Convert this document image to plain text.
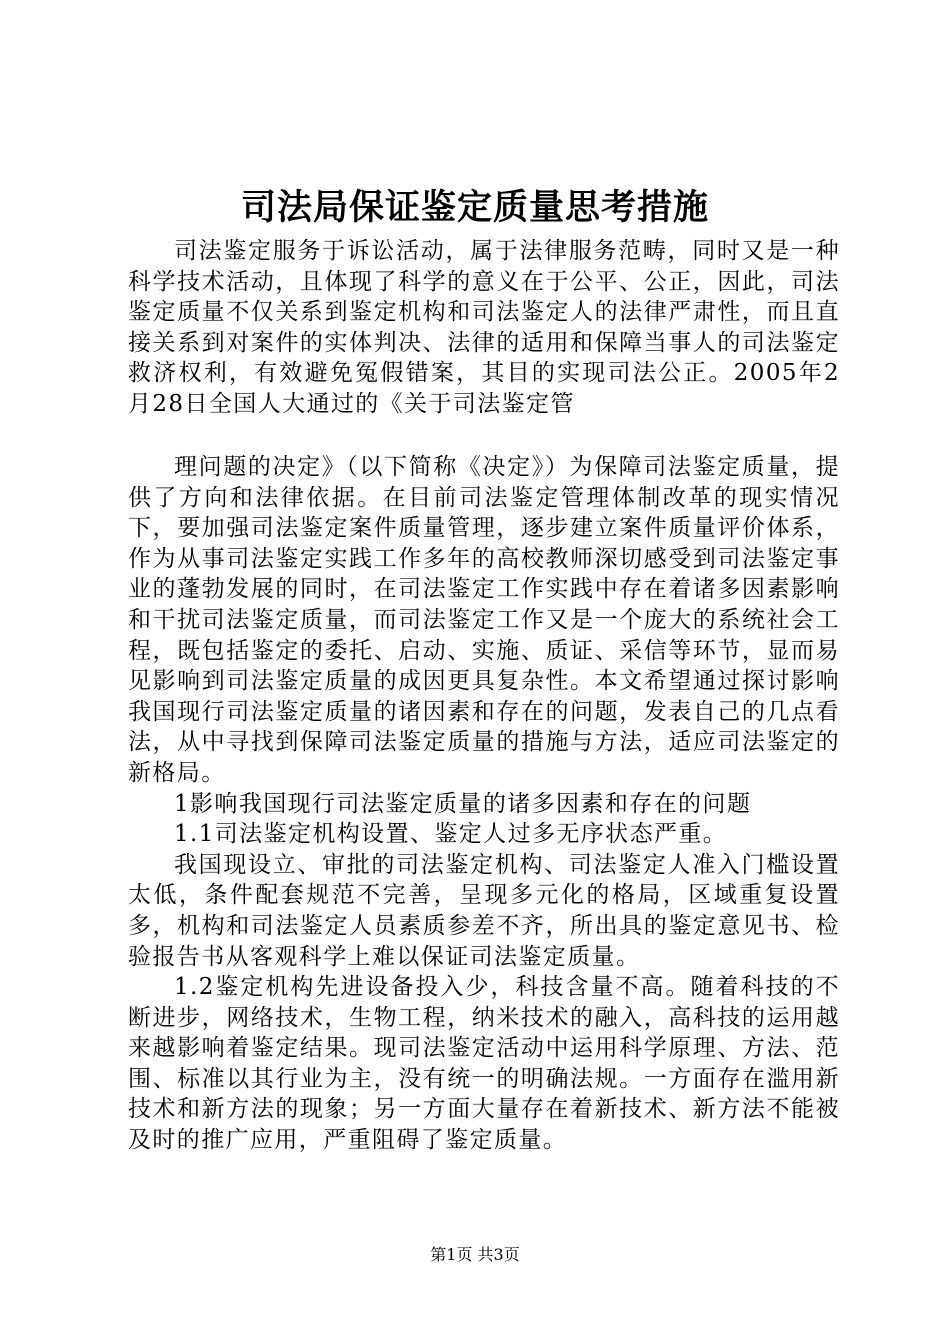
司法局保证鉴定质量思考措施

司法鉴定服务于诉讼活动，属于法律服务范畴，同时又是一种科学技术活动，且体现了科学的意义在于公平、公正，因此，司法鉴定质量不仅关系到鉴定机构和司法鉴定人的法律严肃性，而且直接关系到对案件的实体判决、法律的适用和保障当事人的司法鉴定救济权利，有效避免冤假错案，其目的实现司法公正。2005年2月28日全国人大通过的《关于司法鉴定管

理问题的决定》（以下简称《决定》）为保障司法鉴定质量，提供了方向和法律依据。在目前司法鉴定管理体制改革的现实情况下，要加强司法鉴定案件质量管理，逐步建立案件质量评价体系，作为从事司法鉴定实践工作多年的高校教师深切感受到司法鉴定事业的蓬勃发展的同时，在司法鉴定工作实践中存在着诸多因素影响和干扰司法鉴定质量，而司法鉴定工作又是一个庞大的系统社会工程，既包括鉴定的委托、启动、实施、质证、采信等环节，显而易见影响到司法鉴定质量的成因更具复杂性。本文希望通过探讨影响我国现行司法鉴定质量的诸因素和存在的问题，发表自己的几点看法，从中寻找到保障司法鉴定质量的措施与方法，适应司法鉴定的新格局。

1影响我国现行司法鉴定质量的诸多因素和存在的问题

1.1司法鉴定机构设置、鉴定人过多无序状态严重。

我国现设立、审批的司法鉴定机构、司法鉴定人准入门槛设置太低，条件配套规范不完善，呈现多元化的格局，区域重复设置多，机构和司法鉴定人员素质参差不齐，所出具的鉴定意见书、检验报告书从客观科学上难以保证司法鉴定质量。

1.2鉴定机构先进设备投入少，科技含量不高。随着科技的不断进步，网络技术，生物工程，纳米技术的融入，高科技的运用越来越影响着鉴定结果。现司法鉴定活动中运用科学原理、方法、范围、标准以其行业为主，没有统一的明确法规。一方面存在滥用新技术和新方法的现象；另一方面大量存在着新技术、新方法不能被及时的推广应用，严重阻碍了鉴定质量。

第1页 共3页
